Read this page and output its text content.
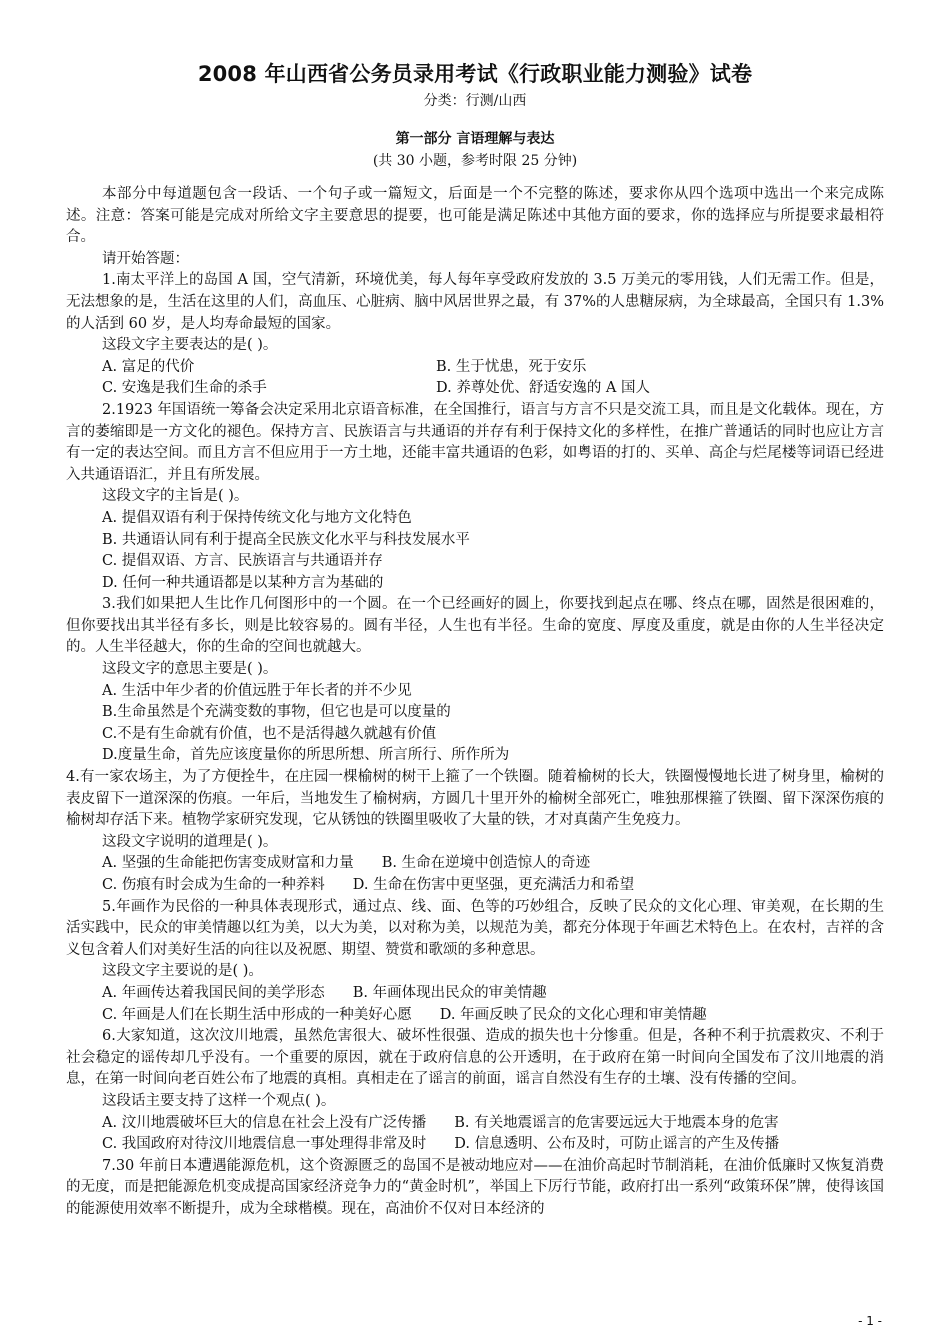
2008 年山西省公务员录用考试《行政职业能力测验》试卷
分类：行测/山西
第一部分 言语理解与表达
(共 30 小题，参考时限 25 分钟)

本部分中每道题包含一段话、一个句子或一篇短文，后面是一个不完整的陈述，要求你从四个选项中选出一个来完成陈述。注意：答案可能是完成对所给文字主要意思的提要，也可能是满足陈述中其他方面的要求，你的选择应与所提要求最相符合。

请开始答题：

1.南太平洋上的岛国 A 国，空气清新，环境优美，每人每年享受政府发放的 3.5 万美元的零用钱，人们无需工作。但是，无法想象的是，生活在这里的人们，高血压、心脏病、脑中风居世界之最，有 37%的人患糖尿病，为全球最高，全国只有 1.3%的人活到 60 岁，是人均寿命最短的国家。

这段文字主要表达的是( )。

A. 富足的代价	B. 生于忧患，死于安乐
C. 安逸是我们生命的杀手	D. 养尊处优、舒适安逸的 A 国人

2.1923 年国语统一筹备会决定采用北京语音标准，在全国推行，语言与方言不只是交流工具，而且是文化载体。现在，方言的萎缩即是一方文化的褪色。保持方言、民族语言与共通语的并存有利于保持文化的多样性，在推广普通话的同时也应让方言有一定的表达空间。而且方言不但应用于一方土地，还能丰富共通语的色彩，如粤语的打的、买单、高企与烂尾楼等词语已经进入共通语语汇，并且有所发展。

这段文字的主旨是( )。

A. 提倡双语有利于保持传统文化与地方文化特色

B. 共通语认同有利于提高全民族文化水平与科技发展水平

C. 提倡双语、方言、民族语言与共通语并存

D. 任何一种共通语都是以某种方言为基础的

3.我们如果把人生比作几何图形中的一个圆。在一个已经画好的圆上，你要找到起点在哪、终点在哪，固然是很困难的，但你要找出其半径有多长，则是比较容易的。圆有半径，人生也有半径。生命的宽度、厚度及重度，就是由你的人生半径决定的。人生半径越大，你的生命的空间也就越大。

这段文字的意思主要是( )。

A. 生活中年少者的价值远胜于年长者的并不少见

B.生命虽然是个充满变数的事物，但它也是可以度量的

C.不是有生命就有价值，也不是活得越久就越有价值

D.度量生命，首先应该度量你的所思所想、所言所行、所作所为

4.有一家农场主，为了方便拴牛，在庄园一棵榆树的树干上箍了一个铁圈。随着榆树的长大，铁圈慢慢地长进了树身里，榆树的表皮留下一道深深的伤痕。一年后，当地发生了榆树病，方圆几十里开外的榆树全部死亡，唯独那棵箍了铁圈、留下深深伤痕的榆树却存活下来。植物学家研究发现，它从锈蚀的铁圈里吸收了大量的铁，才对真菌产生免疫力。

这段文字说明的道理是( )。

A. 坚强的生命能把伤害变成财富和力量 B. 生命在逆境中创造惊人的奇迹
C. 伤痕有时会成为生命的一种养料 D. 生命在伤害中更坚强，更充满活力和希望

5.年画作为民俗的一种具体表现形式，通过点、线、面、色等的巧妙组合，反映了民众的文化心理、审美观，在长期的生活实践中，民众的审美情趣以红为美，以大为美，以对称为美，以规范为美，都充分体现于年画艺术特色上。在农村，吉祥的含义包含着人们对美好生活的向往以及祝愿、期望、赞赏和歌颂的多种意思。

这段文字主要说的是( )。

A. 年画传达着我国民间的美学形态 B. 年画体现出民众的审美情趣
C. 年画是人们在长期生活中形成的一种美好心愿 D. 年画反映了民众的文化心理和审美情趣

6.大家知道，这次汶川地震，虽然危害很大、破坏性很强、造成的损失也十分惨重。但是，各种不利于抗震救灾、不利于社会稳定的谣传却几乎没有。一个重要的原因，就在于政府信息的公开透明，在于政府在第一时间向全国发布了汶川地震的消息，在第一时间向老百姓公布了地震的真相。真相走在了谣言的前面，谣言自然没有生存的土壤、没有传播的空间。

这段话主要支持了这样一个观点( )。

A. 汶川地震破坏巨大的信息在社会上没有广泛传播 B. 有关地震谣言的危害要远远大于地震本身的危害
C. 我国政府对待汶川地震信息一事处理得非常及时 D. 信息透明、公布及时，可防止谣言的产生及传播

7.30 年前日本遭遇能源危机，这个资源匮乏的岛国不是被动地应对——在油价高起时节制消耗，在油价低廉时又恢复消费的无度，而是把能源危机变成提高国家经济竞争力的“黄金时机”，举国上下厉行节能，政府打出一系列“政策环保”牌，使得该国的能源使用效率不断提升，成为全球楷模。现在，高油价不仅对日本经济的

- 1 -
